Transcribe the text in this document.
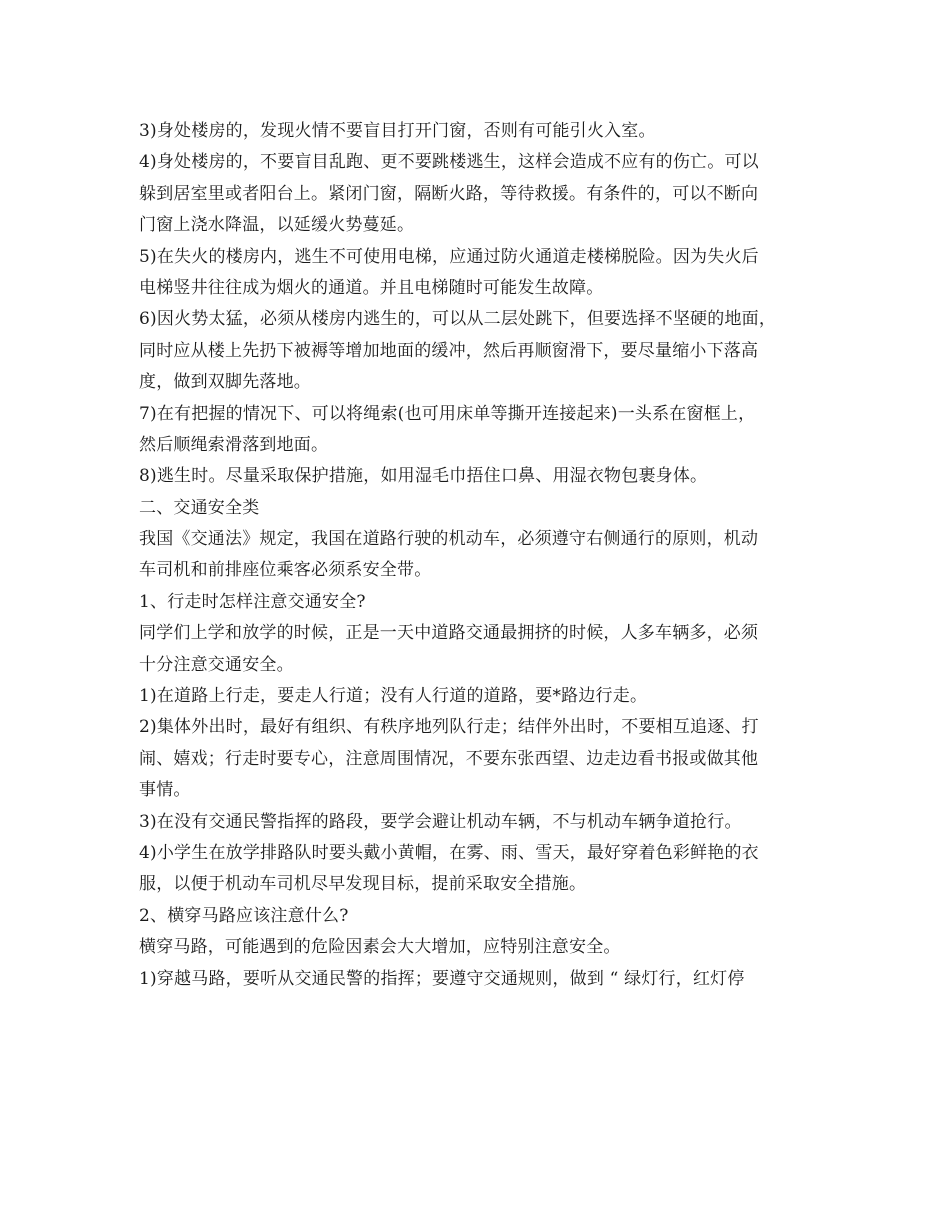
3)身处楼房的，发现火情不要盲目打开门窗，否则有可能引火入室。
4)身处楼房的，不要盲目乱跑、更不要跳楼逃生，这样会造成不应有的伤亡。可以
躲到居室里或者阳台上。紧闭门窗，隔断火路，等待救援。有条件的，可以不断向
门窗上浇水降温，以延缓火势蔓延。
5)在失火的楼房内，逃生不可使用电梯，应通过防火通道走楼梯脱险。因为失火后
电梯竖井往往成为烟火的通道。并且电梯随时可能发生故障。
6)因火势太猛，必须从楼房内逃生的，可以从二层处跳下，但要选择不坚硬的地面，
同时应从楼上先扔下被褥等增加地面的缓冲，然后再顺窗滑下，要尽量缩小下落高
度，做到双脚先落地。
7)在有把握的情况下、可以将绳索(也可用床单等撕开连接起来)一头系在窗框上，
然后顺绳索滑落到地面。
8)逃生时。尽量采取保护措施，如用湿毛巾捂住口鼻、用湿衣物包裹身体。
二、交通安全类
我国《交通法》规定，我国在道路行驶的机动车，必须遵守右侧通行的原则，机动
车司机和前排座位乘客必须系安全带。
1、行走时怎样注意交通安全?
同学们上学和放学的时候，正是一天中道路交通最拥挤的时候，人多车辆多，必须
十分注意交通安全。
1)在道路上行走，要走人行道；没有人行道的道路，要*路边行走。
2)集体外出时，最好有组织、有秩序地列队行走；结伴外出时，不要相互追逐、打
闹、嬉戏；行走时要专心，注意周围情况，不要东张西望、边走边看书报或做其他
事情。
3)在没有交通民警指挥的路段，要学会避让机动车辆，不与机动车辆争道抢行。
4)小学生在放学排路队时要头戴小黄帽，在雾、雨、雪天，最好穿着色彩鲜艳的衣
服，以便于机动车司机尽早发现目标，提前采取安全措施。
2、横穿马路应该注意什么?
横穿马路，可能遇到的危险因素会大大增加，应特别注意安全。
1)穿越马路，要听从交通民警的指挥；要遵守交通规则，做到 “ 绿灯行，红灯停
